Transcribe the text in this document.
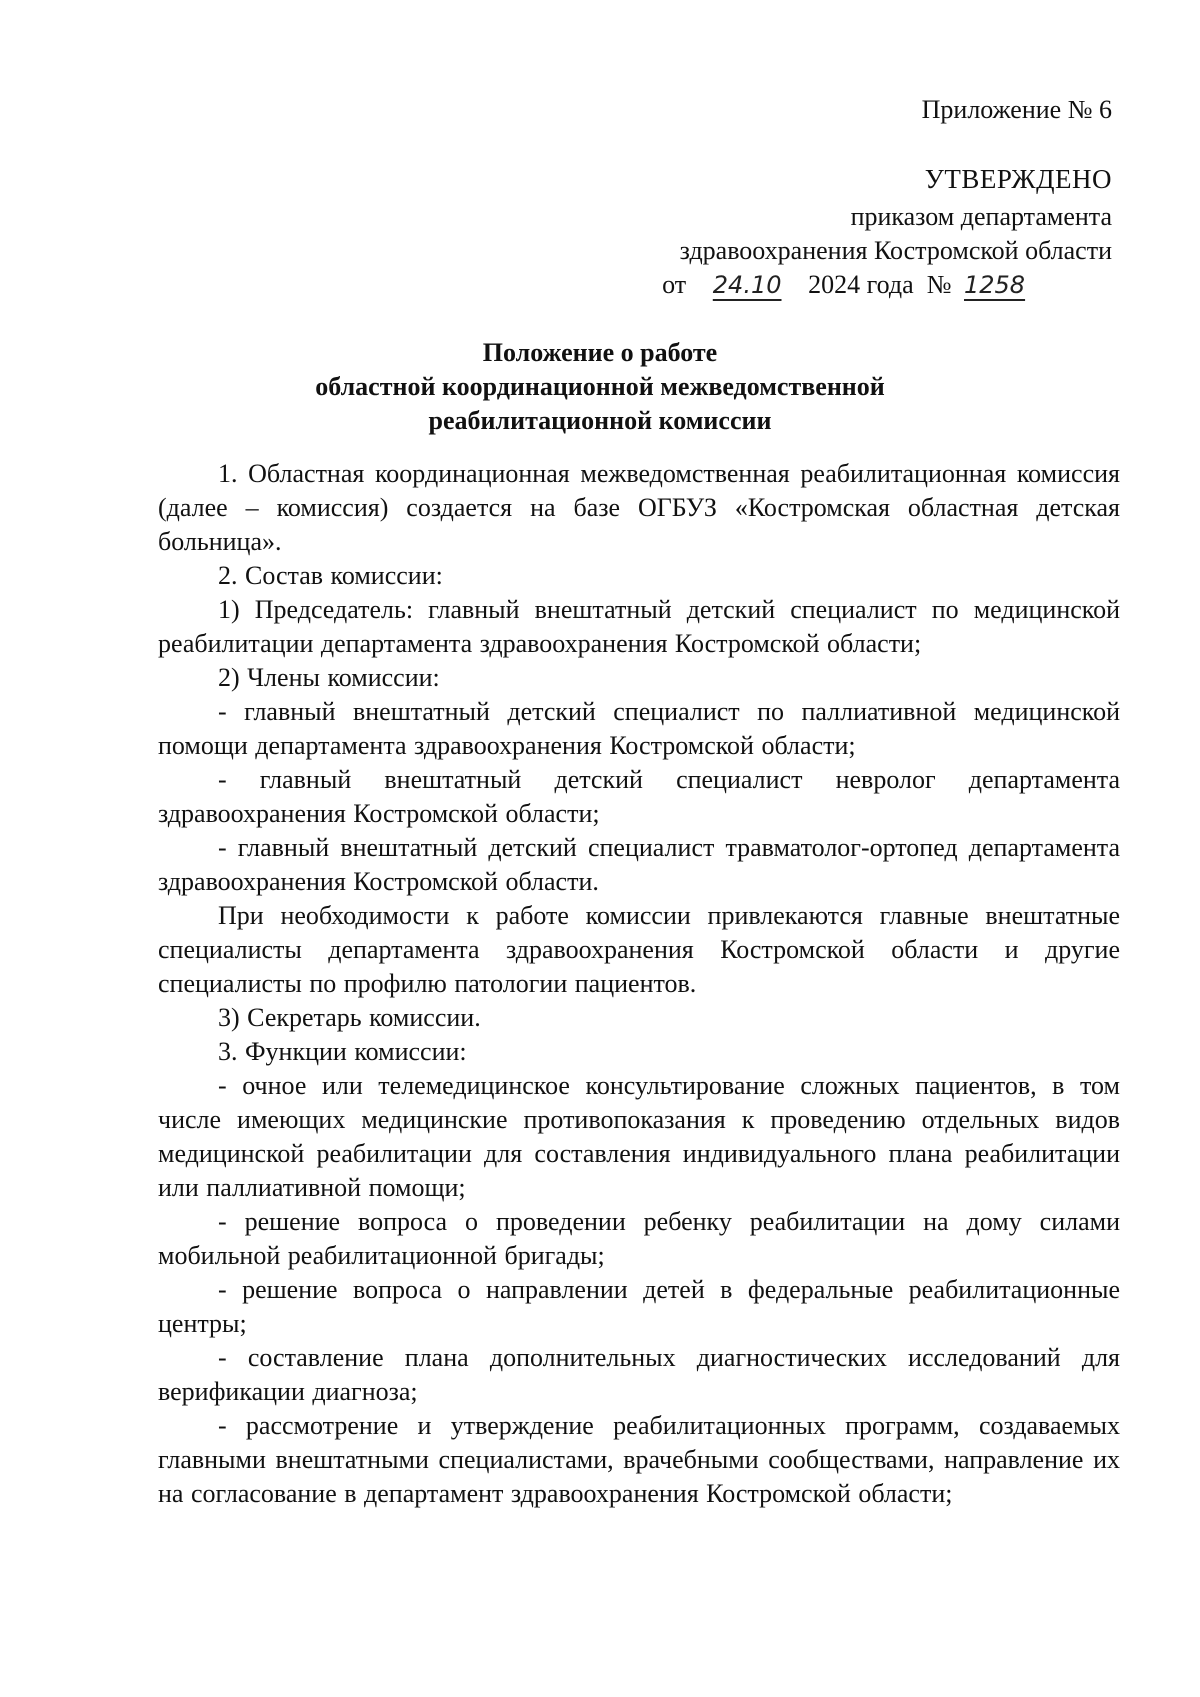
Приложение № 6
УТВЕРЖДЕНО
приказом департамента
здравоохранения Костромской области
от 24.10 2024 года № 1258
Положение о работе
областной координационной межведомственной
реабилитационной комиссии

1. Областная координационная межведомственная реабилитационная комиссия (далее – комиссия) создается на базе ОГБУЗ «Костромская областная детская больница».

2. Состав комиссии:

1) Председатель: главный внештатный детский специалист по медицинской реабилитации департамента здравоохранения Костромской области;

2) Члены комиссии:

- главный внештатный детский специалист по паллиативной медицинской помощи департамента здравоохранения Костромской области;

- главный внештатный детский специалист невролог департамента здравоохранения Костромской области;

- главный внештатный детский специалист травматолог-ортопед департамента здравоохранения Костромской области.

При необходимости к работе комиссии привлекаются главные внештатные специалисты департамента здравоохранения Костромской области и другие специалисты по профилю патологии пациентов.

3) Секретарь комиссии.

3. Функции комиссии:

- очное или телемедицинское консультирование сложных пациентов, в том числе имеющих медицинские противопоказания к проведению отдельных видов медицинской реабилитации для составления индивидуального плана реабилитации или паллиативной помощи;

- решение вопроса о проведении ребенку реабилитации на дому силами мобильной реабилитационной бригады;

- решение вопроса о направлении детей в федеральные реабилитационные центры;

- составление плана дополнительных диагностических исследований для верификации диагноза;

- рассмотрение и утверждение реабилитационных программ, создаваемых главными внештатными специалистами, врачебными сообществами, направление их на согласование в департамент здравоохранения Костромской области;
